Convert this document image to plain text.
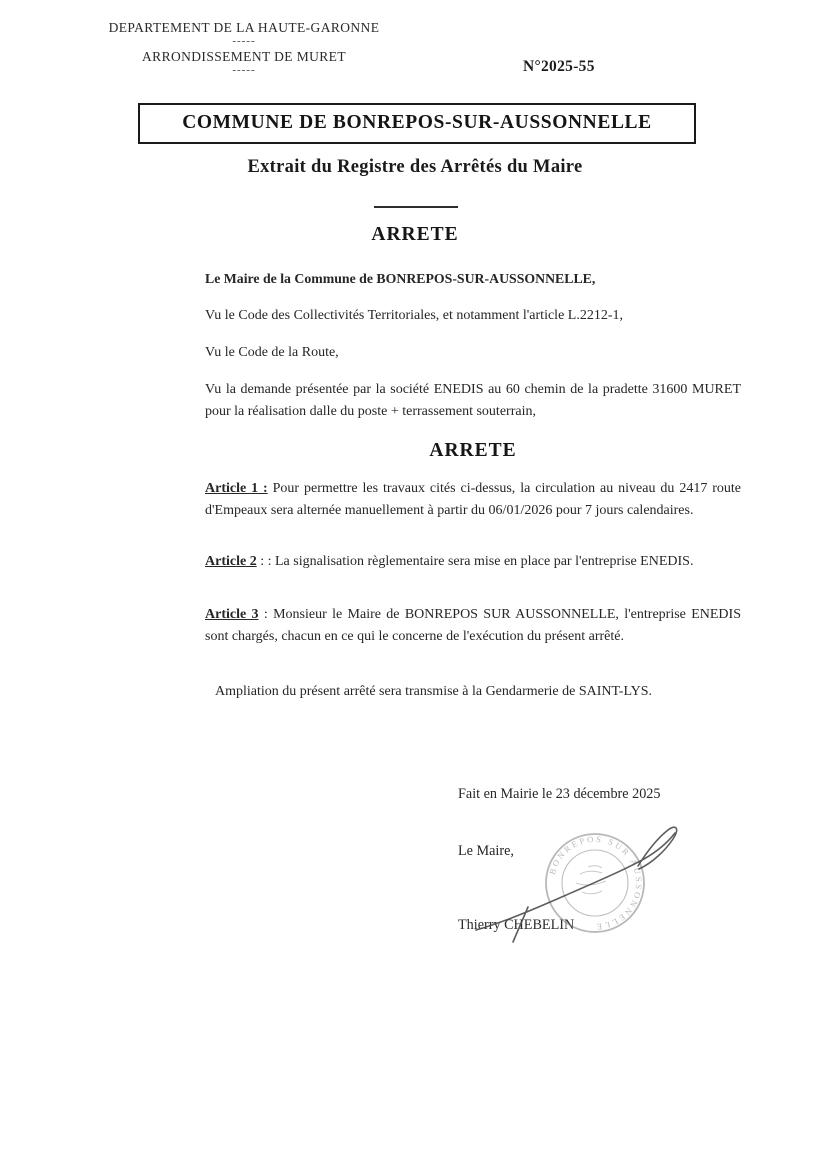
DEPARTEMENT DE LA HAUTE-GARONNE
-----
ARRONDISSEMENT DE MURET
-----	N°2025-55
COMMUNE DE BONREPOS-SUR-AUSSONNELLE
Extrait du Registre des Arrêtés du Maire
ARRETE

Le Maire de la Commune de BONREPOS-SUR-AUSSONNELLE,

Vu le Code des Collectivités Territoriales, et notamment l'article L.2212-1,

Vu le Code de la Route,

Vu la demande présentée par la société ENEDIS au 60 chemin de la pradette 31600 MURET pour la réalisation dalle du poste + terrassement souterrain,

ARRETE

Article 1 : Pour permettre les travaux cités ci-dessus, la circulation au niveau du 2417 route d'Empeaux sera alternée manuellement à partir du 06/01/2026 pour 7 jours calendaires.

Article 2 : : La signalisation règlementaire sera mise en place par l'entreprise ENEDIS.

Article 3 : Monsieur le Maire de BONREPOS SUR AUSSONNELLE, l'entreprise ENEDIS sont chargés, chacun en ce qui le concerne de l'exécution du présent arrêté.

Ampliation du présent arrêté sera transmise à la Gendarmerie de SAINT-LYS.

Fait en Mairie le 23 décembre 2025
Le Maire,
Thierry CHEBELIN
BONREPOS SUR AUSSONNELLE
